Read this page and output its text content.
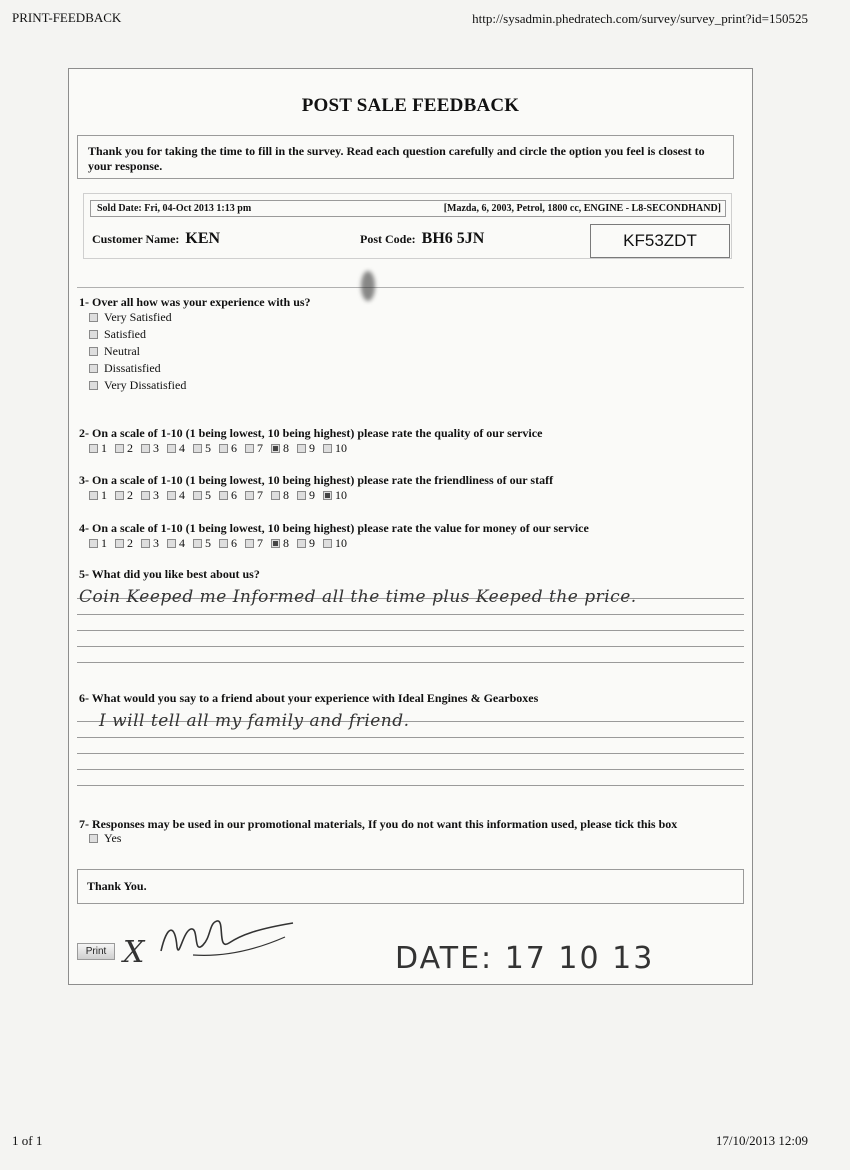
PRINT-FEEDBACK	http://sysadmin.phedratech.com/survey/survey_print?id=150525
POST SALE FEEDBACK
Thank you for taking the time to fill in the survey. Read each question carefully and circle the option you feel is closest to your response.
Sold Date: Fri, 04-Oct 2013 1:13 pm	[Mazda, 6, 2003, Petrol, 1800 cc, ENGINE - L8-SECONDHAND]
Customer Name: KEN	Post Code: BH6 5JN	KF53ZDT
1- Over all how was your experience with us?
Very Satisfied
Satisfied
Neutral
Dissatisfied
Very Dissatisfied
2- On a scale of 1-10 (1 being lowest, 10 being highest) please rate the quality of our service
1 2 3 4 5 6 7 8 9 10
3- On a scale of 1-10 (1 being lowest, 10 being highest) please rate the friendliness of our staff
1 2 3 4 5 6 7 8 9 10
4- On a scale of 1-10 (1 being lowest, 10 being highest) please rate the value for money of our service
1 2 3 4 5 6 7 8 9 10
5- What did you like best about us?
Coin Keeped me Informed all the time plus Keeped the price.
6- What would you say to a friend about your experience with Ideal Engines & Gearboxes
I will tell all my family and friend.
7- Responses may be used in our promotional materials, If you do not want this information used, please tick this box
Yes
Thank You.
Print X	DATE: 17 10 13
1 of 1	17/10/2013 12:09
